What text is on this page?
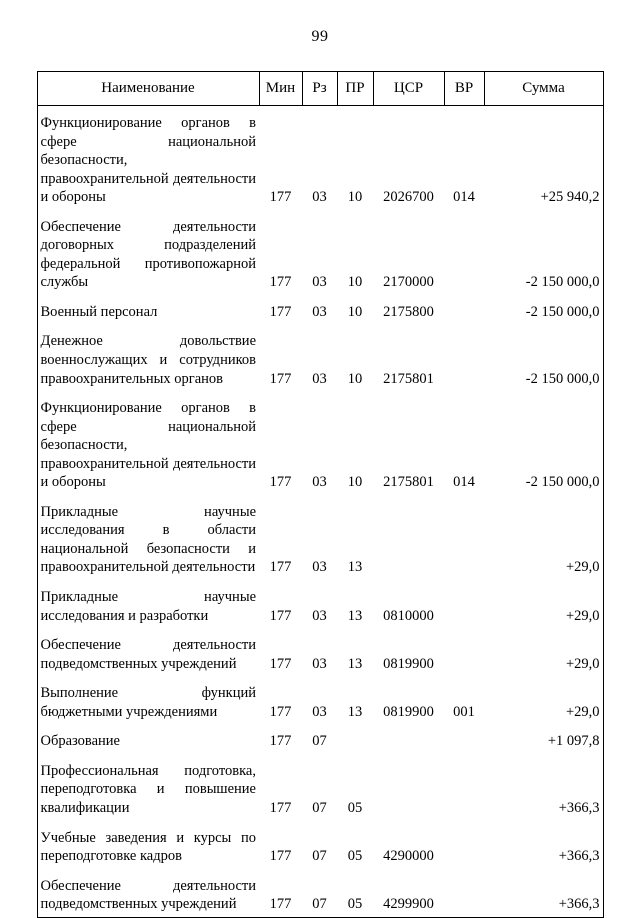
99
Наименование	Мин	Рз	ПР	ЦСР	ВР	Сумма
Функционирование органов в сфере национальной безопасности, правоохранительной деятельности и обороны	177	03	10	2026700	014	+25 940,2
Обеспечение деятельности договорных подразделений федеральной противопожарной службы	177	03	10	2170000		-2 150 000,0
Военный персонал	177	03	10	2175800		-2 150 000,0
Денежное довольствие военнослужащих и сотрудников правоохранительных органов	177	03	10	2175801		-2 150 000,0
Функционирование органов в сфере национальной безопасности, правоохранительной деятельности и обороны	177	03	10	2175801	014	-2 150 000,0
Прикладные научные исследования в области национальной безопасности и правоохранительной деятельности	177	03	13			+29,0
Прикладные научные исследования и разработки	177	03	13	0810000		+29,0
Обеспечение деятельности подведомственных учреждений	177	03	13	0819900		+29,0
Выполнение функций бюджетными учреждениями	177	03	13	0819900	001	+29,0
Образование	177	07				+1 097,8
Профессиональная подготовка, переподготовка и повышение квалификации	177	07	05			+366,3
Учебные заведения и курсы по переподготовке кадров	177	07	05	4290000		+366,3
Обеспечение деятельности подведомственных учреждений	177	07	05	4299900		+366,3
